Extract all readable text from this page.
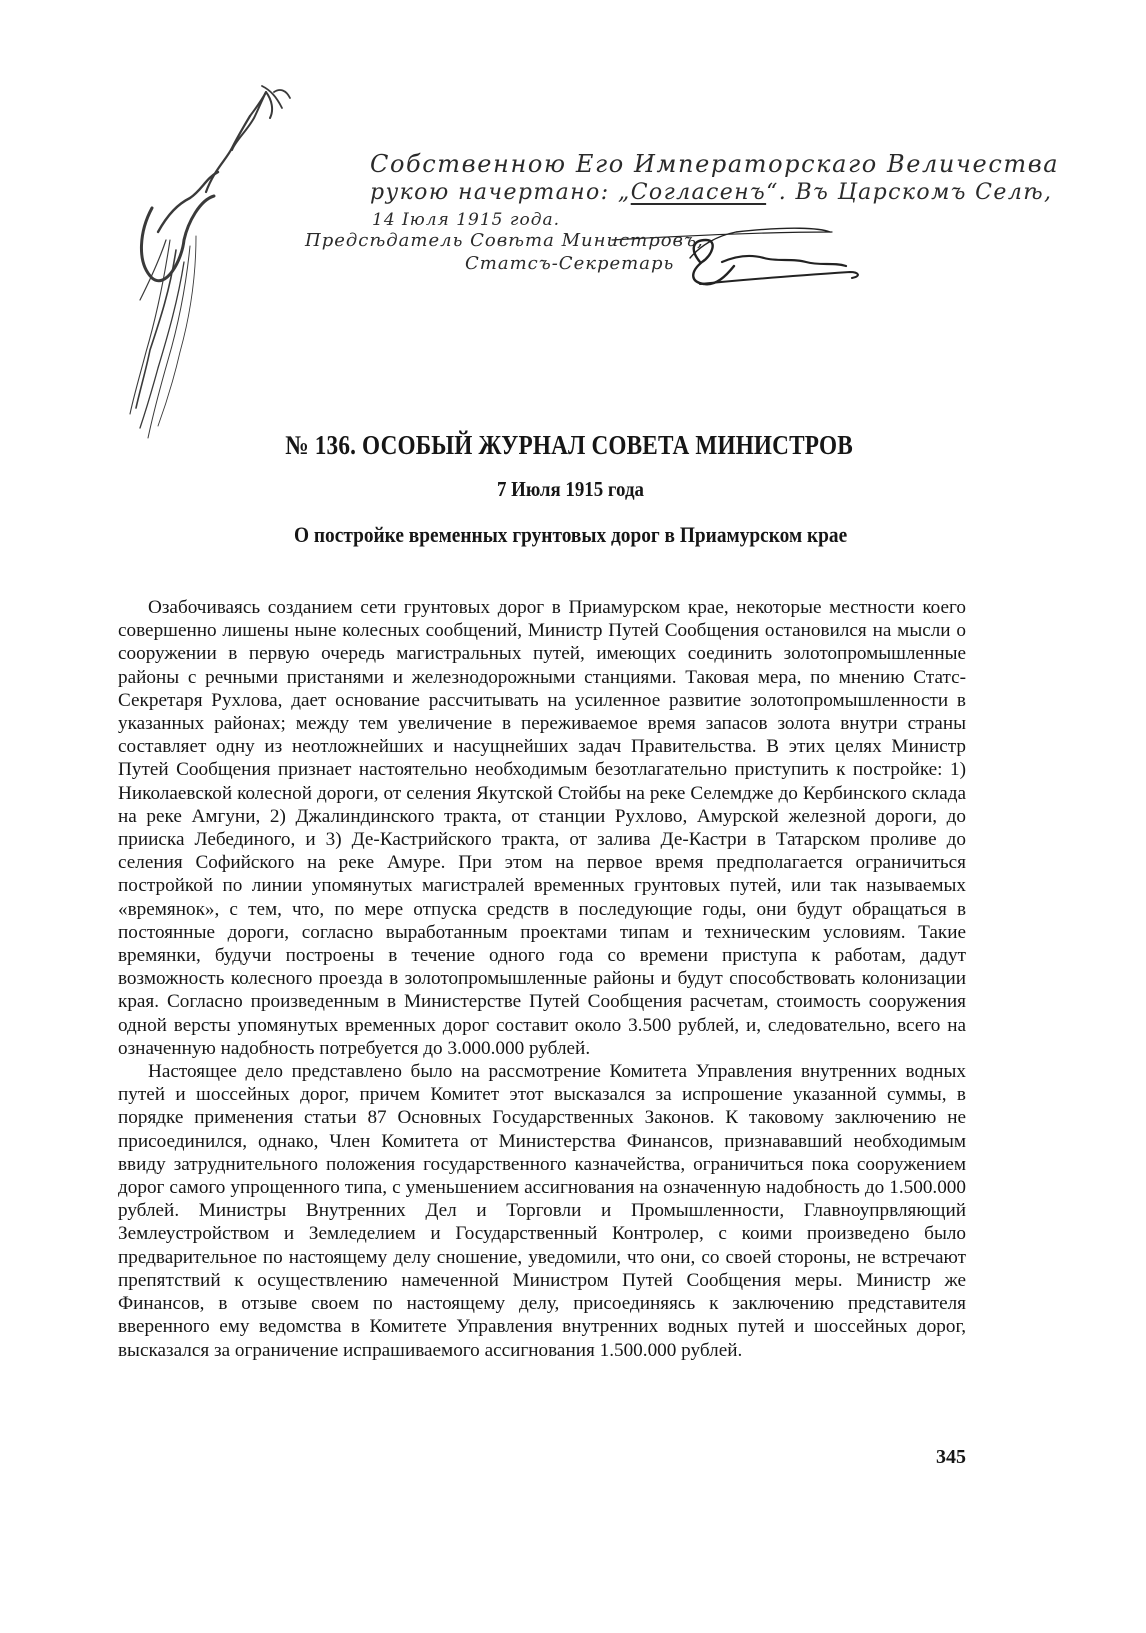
Собственною Его Императорскаго Величества
рукою начертано: „Согласенъ“. Въ Царскомъ Селѣ,
14 Іюля 1915 года.
Предсѣдатель Совѣта Министровъ,
Статсъ-Секретарь
№ 136. ОСОБЫЙ ЖУРНАЛ СОВЕТА МИНИСТРОВ
7 Июля 1915 года
О постройке временных грунтовых дорог в Приамурском крае

Озабочиваясь созданием сети грунтовых дорог в Приамурском крае, некоторые местности коего совершенно лишены ныне колесных сообщений, Министр Путей Сообщения остановился на мысли о сооружении в первую очередь магистральных путей, имеющих соединить золотопромышленные районы с речными пристанями и железнодорожными станциями. Таковая мера, по мнению Статс-Секретаря Рухлова, дает основание рассчитывать на усиленное развитие золотопромышленности в указанных районах; между тем увеличение в переживаемое время запасов золота внутри страны составляет одну из неотложнейших и насущнейших задач Правительства. В этих целях Министр Путей Сообщения признает настоятельно необходимым безотлагательно приступить к постройке: 1) Николаевской колесной дороги, от селения Якутской Стойбы на реке Селемдже до Кербинского склада на реке Амгуни, 2) Джалиндинского тракта, от станции Рухлово, Амурской железной дороги, до прииска Лебединого, и 3) Де-Кастрийского тракта, от залива Де-Кастри в Татарском проливе до селения Софийского на реке Амуре. При этом на первое время предполагается ограничиться постройкой по линии упомянутых магистралей временных грунтовых путей, или так называемых «времянок», с тем, что, по мере отпуска средств в последующие годы, они будут обращаться в постоянные дороги, согласно выработанным проектами типам и техническим условиям. Такие времянки, будучи построены в течение одного года со времени приступа к работам, дадут возможность колесного проезда в золотопромышленные районы и будут способствовать колонизации края. Согласно произведенным в Министерстве Путей Сообщения расчетам, стоимость сооружения одной версты упомянутых временных дорог составит около 3.500 рублей, и, следовательно, всего на означенную надобность потребуется до 3.000.000 рублей.

Настоящее дело представлено было на рассмотрение Комитета Управления внутренних водных путей и шоссейных дорог, причем Комитет этот высказался за испрошение указанной суммы, в порядке применения статьи 87 Основных Государственных Законов. К таковому заключению не присоединился, однако, Член Комитета от Министерства Финансов, признававший необходимым ввиду затруднительного положения государственного казначейства, ограничиться пока сооружением дорог самого упрощенного типа, с уменьшением ассигнования на означенную надобность до 1.500.000 рублей. Министры Внутренних Дел и Торговли и Промышленности, Главноупрвляющий Землеустройством и Земледелием и Государственный Контролер, с коими произведено было предварительное по настоящему делу сношение, уведомили, что они, со своей стороны, не встречают препятствий к осуществлению намеченной Министром Путей Сообщения меры. Министр же Финансов, в отзыве своем по настоящему делу, присоединяясь к заключению представителя вверенного ему ведомства в Комитете Управления внутренних водных путей и шоссейных дорог, высказался за ограничение испрашиваемого ассигнования 1.500.000 рублей.

345
